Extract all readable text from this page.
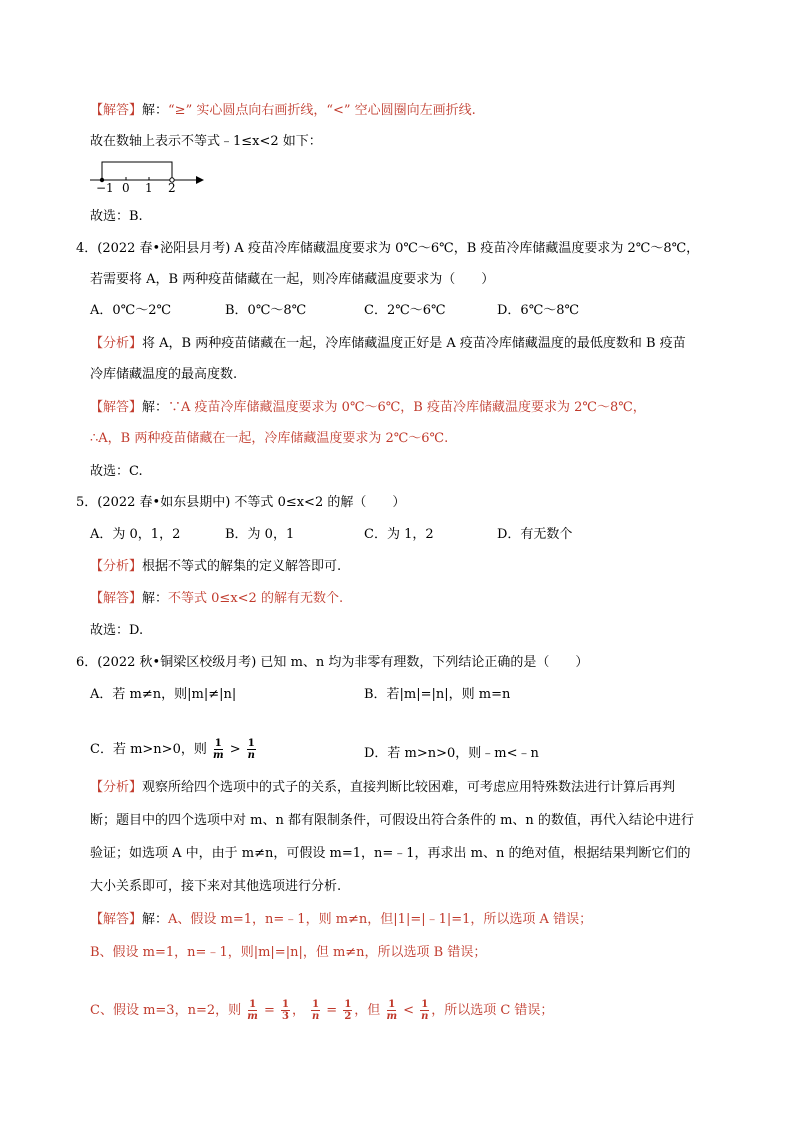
【解答】解：“≥” 实心圆点向右画折线，“<” 空心圆圈向左画折线.
故在数轴上表示不等式﹣1≤x<2 如下：
−1 0 1 2
故选：B.
4．(2022 春•泌阳县月考) A 疫苗冷库储藏温度要求为 0℃～6℃，B 疫苗冷库储藏温度要求为 2℃～8℃，
若需要将 A，B 两种疫苗储藏在一起，则冷库储藏温度要求为（　　）
A．0℃～2℃	B．0℃～8℃	C．2℃～6℃	D．6℃～8℃
【分析】将 A，B 两种疫苗储藏在一起，冷库储藏温度正好是 A 疫苗冷库储藏温度的最低度数和 B 疫苗
冷库储藏温度的最高度数.
【解答】解：∵A 疫苗冷库储藏温度要求为 0℃～6℃，B 疫苗冷库储藏温度要求为 2℃～8℃，
∴A，B 两种疫苗储藏在一起，冷库储藏温度要求为 2℃～6℃.
故选：C.
5．(2022 春•如东县期中) 不等式 0≤x<2 的解（　　）
A．为 0，1，2	B．为 0，1	C．为 1，2	D．有无数个
【分析】根据不等式的解集的定义解答即可.
【解答】解：不等式 0≤x<2 的解有无数个.
故选：D.
6．(2022 秋•铜梁区校级月考) 已知 m、n 均为非零有理数，下列结论正确的是（　　）
A．若 m≠n，则|m|≠|n|	B．若|m|=|n|，则 m=n
C．若 m>n>0，则 $\frac{1}{m} > \frac{1}{n}$	D．若 m>n>0，则﹣m<﹣n
【分析】观察所给四个选项中的式子的关系，直接判断比较困难，可考虑应用特殊数法进行计算后再判
断；题目中的四个选项中对 m、n 都有限制条件，可假设出符合条件的 m、n 的数值，再代入结论中进行
验证；如选项 A 中，由于 m≠n，可假设 m=1，n=﹣1，再求出 m、n 的绝对值，根据结果判断它们的
大小关系即可，接下来对其他选项进行分析.
【解答】解：A、假设 m=1，n=﹣1，则 m≠n，但|1|=|﹣1|=1，所以选项 A 错误；
B、假设 m=1，n=﹣1，则|m|=|n|，但 m≠n，所以选项 B 错误；
C、假设 m=3，n=2，则 $\frac{1}{m} = \frac{1}{3}$ ， $\frac{1}{n} = \frac{1}{2}$ ，但 $\frac{1}{m} < \frac{1}{n}$ ，所以选项 C 错误；
